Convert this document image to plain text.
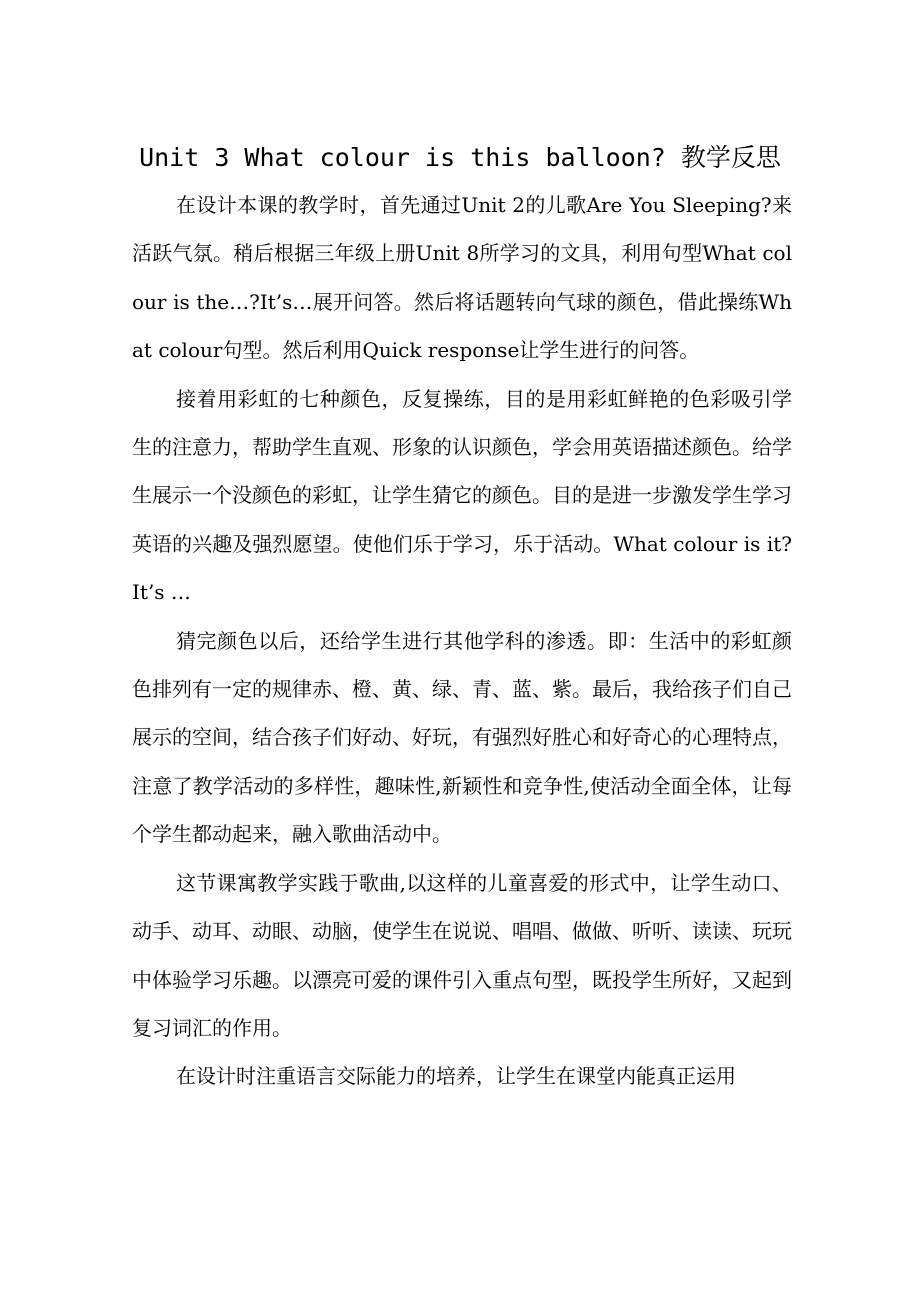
Unit 3 What colour is this balloon? 教学反思

在设计本课的教学时，首先通过Unit 2的儿歌Are You Sleeping?来活跃气氛。稍后根据三年级上册Unit 8所学习的文具，利用句型What colour is the…?It’s…展开问答。然后将话题转向气球的颜色，借此操练What colour句型。然后利用Quick response让学生进行的问答。

接着用彩虹的七种颜色，反复操练，目的是用彩虹鲜艳的色彩吸引学生的注意力，帮助学生直观、形象的认识颜色，学会用英语描述颜色。给学生展示一个没颜色的彩虹，让学生猜它的颜色。目的是进一步激发学生学习英语的兴趣及强烈愿望。使他们乐于学习，乐于活动。What colour is it? It’s …

猜完颜色以后，还给学生进行其他学科的渗透。即：生活中的彩虹颜色排列有一定的规律赤、橙、黄、绿、青、蓝、紫。最后，我给孩子们自己展示的空间，结合孩子们好动、好玩，有强烈好胜心和好奇心的心理特点，注意了教学活动的多样性，趣味性,新颖性和竞争性,使活动全面全体，让每个学生都动起来，融入歌曲活动中。

这节课寓教学实践于歌曲,以这样的儿童喜爱的形式中，让学生动口、动手、动耳、动眼、动脑，使学生在说说、唱唱、做做、听听、读读、玩玩中体验学习乐趣。以漂亮可爱的课件引入重点句型，既投学生所好，又起到复习词汇的作用。

在设计时注重语言交际能力的培养，让学生在课堂内能真正运用
